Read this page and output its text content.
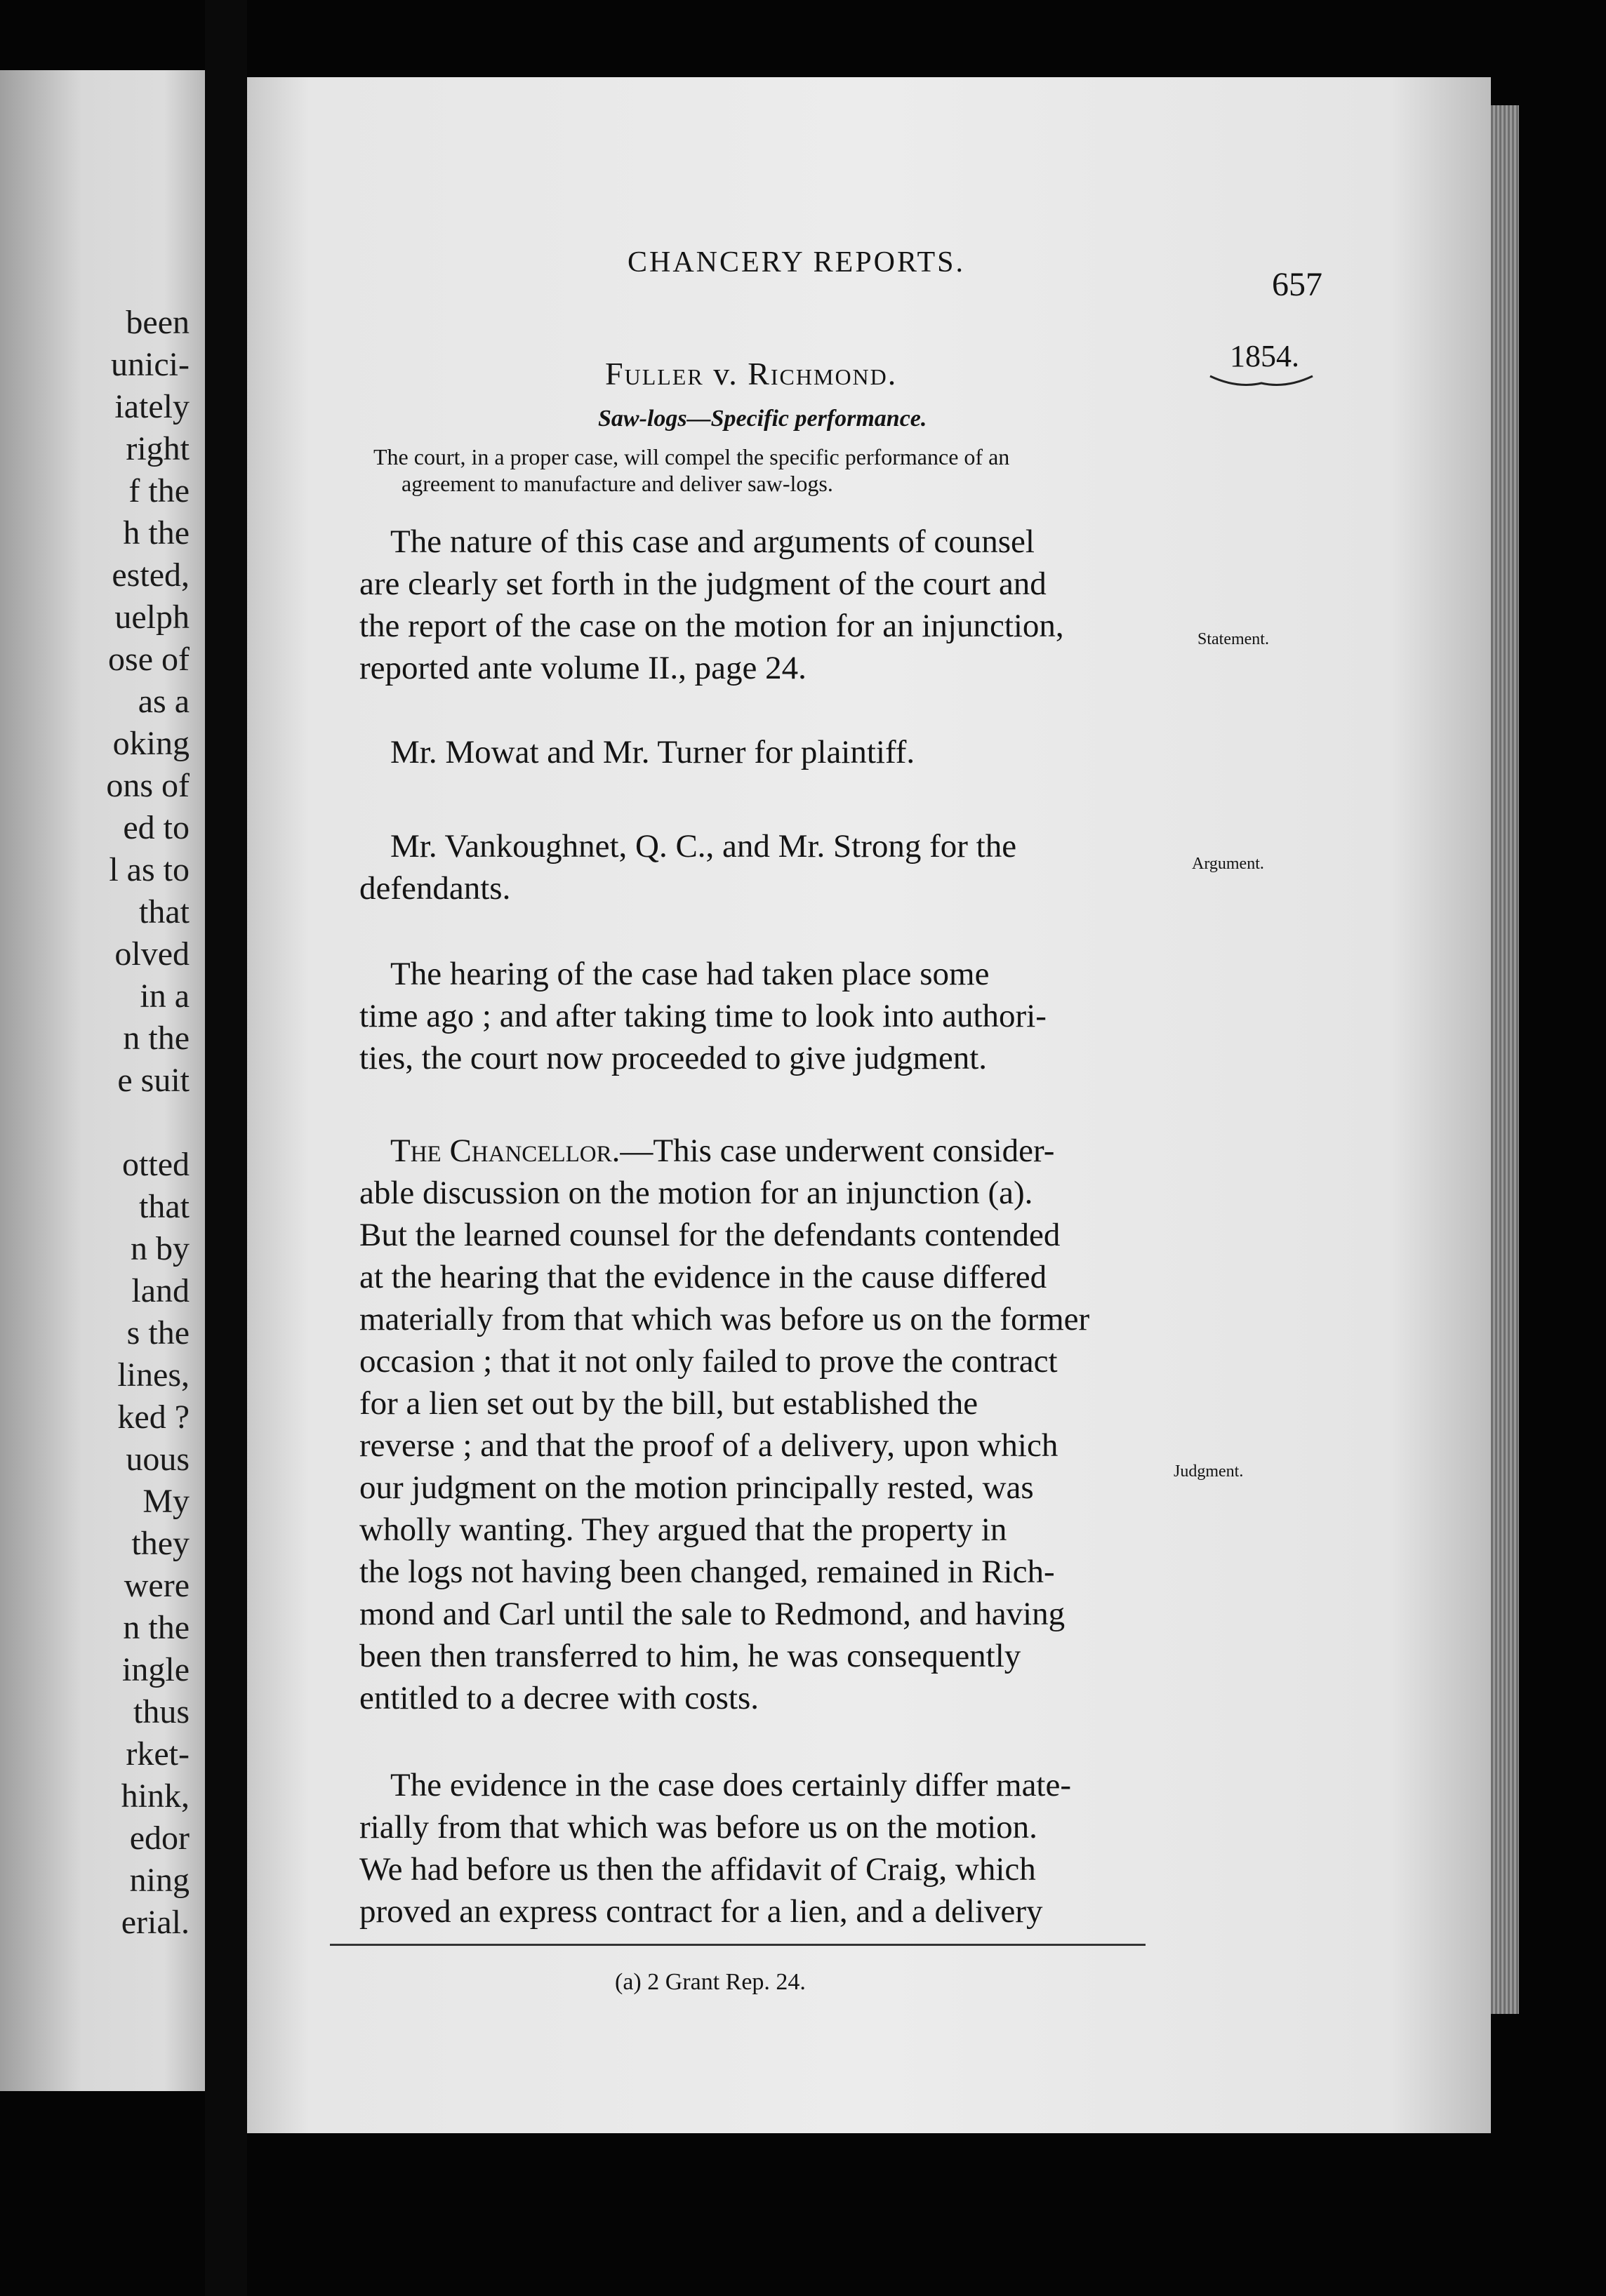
been
unici-
iately
right
f the
h the
ested,
uelph
ose of
as a
oking
ons of
ed to
l as to
that
olved
in a
n the
e suit
otted
that
n by
land
s the
lines,
ked ?
uous
My
they
were
n the
ingle
thus
rket-
hink,
edor
ning
erial.
CHANCERY REPORTS.
657
1854.
Fuller v. Richmond.
Saw-logs—Specific performance.
The court, in a proper case, will compel the specific performance of an
agreement to manufacture and deliver saw-logs.
The nature of this case and arguments of counsel
are clearly set forth in the judgment of the court and
the report of the case on the motion for an injunction,
reported ante volume II., page 24.
Statement.
Mr. Mowat and Mr. Turner for plaintiff.
Mr. Vankoughnet, Q. C., and Mr. Strong for the
defendants.
Argument.
The hearing of the case had taken place some
time ago ; and after taking time to look into authori-
ties, the court now proceeded to give judgment.
The Chancellor.—This case underwent consider-
able discussion on the motion for an injunction (a).
But the learned counsel for the defendants contended
at the hearing that the evidence in the cause differed
materially from that which was before us on the former
occasion ; that it not only failed to prove the contract
for a lien set out by the bill, but established the
reverse ; and that the proof of a delivery, upon which
our judgment on the motion principally rested, was
wholly wanting. They argued that the property in
the logs not having been changed, remained in Rich-
mond and Carl until the sale to Redmond, and having
been then transferred to him, he was consequently
entitled to a decree with costs.
Judgment.
The evidence in the case does certainly differ mate-
rially from that which was before us on the motion.
We had before us then the affidavit of Craig, which
proved an express contract for a lien, and a delivery
(a) 2 Grant Rep. 24.
